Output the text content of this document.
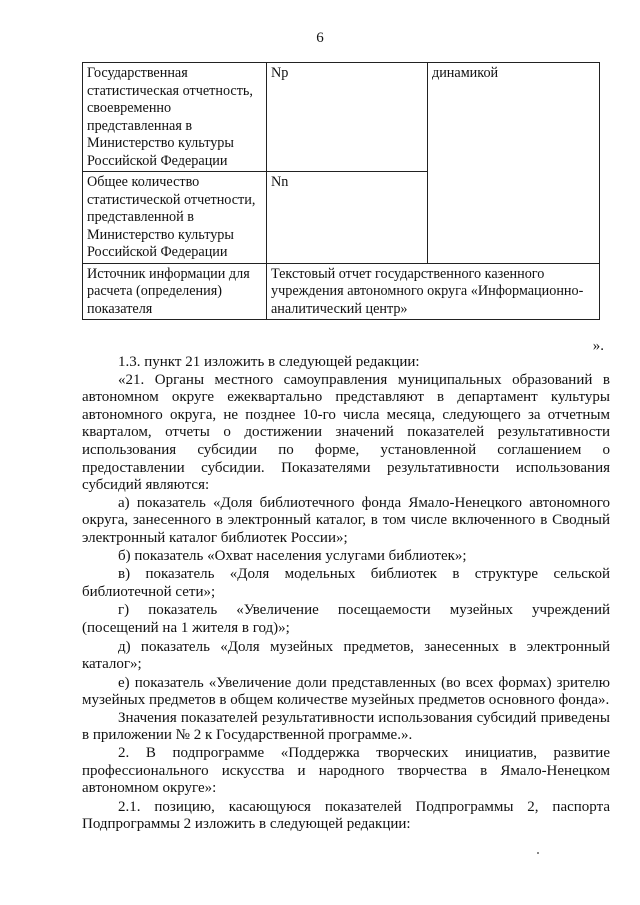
6
Государственная статистическая отчетность, своевременно представленная в Министерство культуры Российской Федерации	Np	динамикой
Общее количество статистической отчетности, представленной в Министерство культуры Российской Федерации	Nn	
Источник информации для расчета (определения) показателя	Текстовый отчет государственного казенного учреждения автономного округа «Информационно-аналитический центр»	
».

1.3. пункт 21 изложить в следующей редакции:

«21. Органы местного самоуправления муниципальных образований в автономном округе ежеквартально представляют в департамент культуры автономного округа, не позднее 10-го числа месяца, следующего за отчетным кварталом, отчеты о достижении значений показателей результативности использования субсидии по форме, установленной соглашением о предоставлении субсидии. Показателями результативности использования субсидий являются:

а) показатель «Доля библиотечного фонда Ямало-Ненецкого автономного округа, занесенного в электронный каталог, в том числе включенного в Сводный электронный каталог библиотек России»;

б) показатель «Охват населения услугами библиотек»;

в) показатель «Доля модельных библиотек в структуре сельской библиотечной сети»;

г) показатель «Увеличение посещаемости музейных учреждений (посещений на 1 жителя в год)»;

д) показатель «Доля музейных предметов, занесенных в электронный каталог»;

е) показатель «Увеличение доли представленных (во всех формах) зрителю музейных предметов в общем количестве музейных предметов основного фонда».

Значения показателей результативности использования субсидий приведены в приложении № 2 к Государственной программе.».

2. В подпрограмме «Поддержка творческих инициатив, развитие профессионального искусства и народного творчества в Ямало-Ненецком автономном округе»:

2.1. позицию, касающуюся показателей Подпрограммы 2, паспорта Подпрограммы 2 изложить в следующей редакции:
